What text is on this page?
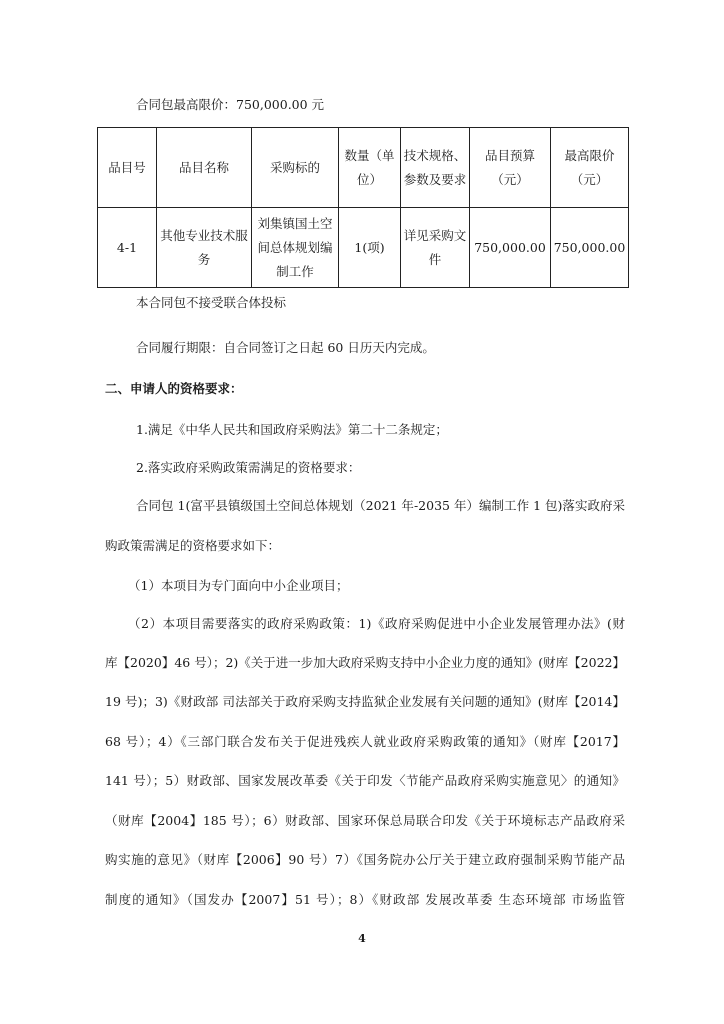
合同包最高限价：750,000.00 元
品目号	品目名称	采购标的	数量（单位）	技术规格、参数及要求	品目预算（元）	最高限价（元）
4-1	其他专业技术服务	刘集镇国土空间总体规划编制工作	1(项)	详见采购文件	750,000.00	750,000.00
本合同包不接受联合体投标
合同履行期限：自合同签订之日起 60 日历天内完成。
二、申请人的资格要求：
1.满足《中华人民共和国政府采购法》第二十二条规定；
2.落实政府采购政策需满足的资格要求：
合同包 1(富平县镇级国土空间总体规划（2021 年-2035 年）编制工作 1 包)落实政府采
购政策需满足的资格要求如下：
（1）本项目为专门面向中小企业项目；
（2）本项目需要落实的政府采购政策：1)《政府采购促进中小企业发展管理办法》(财
库【2020】46 号）；2)《关于进一步加大政府采购支持中小企业力度的通知》(财库【2022】
19 号)；3)《财政部 司法部关于政府采购支持监狱企业发展有关问题的通知》(财库【2014】
68 号）；4）《三部门联合发布关于促进残疾人就业政府采购政策的通知》（财库【2017】
141 号）；5）财政部、国家发展改革委《关于印发〈节能产品政府采购实施意见〉的通知》
（财库【2004】185 号）；6）财政部、国家环保总局联合印发《关于环境标志产品政府采
购实施的意见》（财库【2006】90 号）7）《国务院办公厅关于建立政府强制采购节能产品
制度的通知》（国发办【2007】51 号）；8）《财政部 发展改革委 生态环境部 市场监管
4
